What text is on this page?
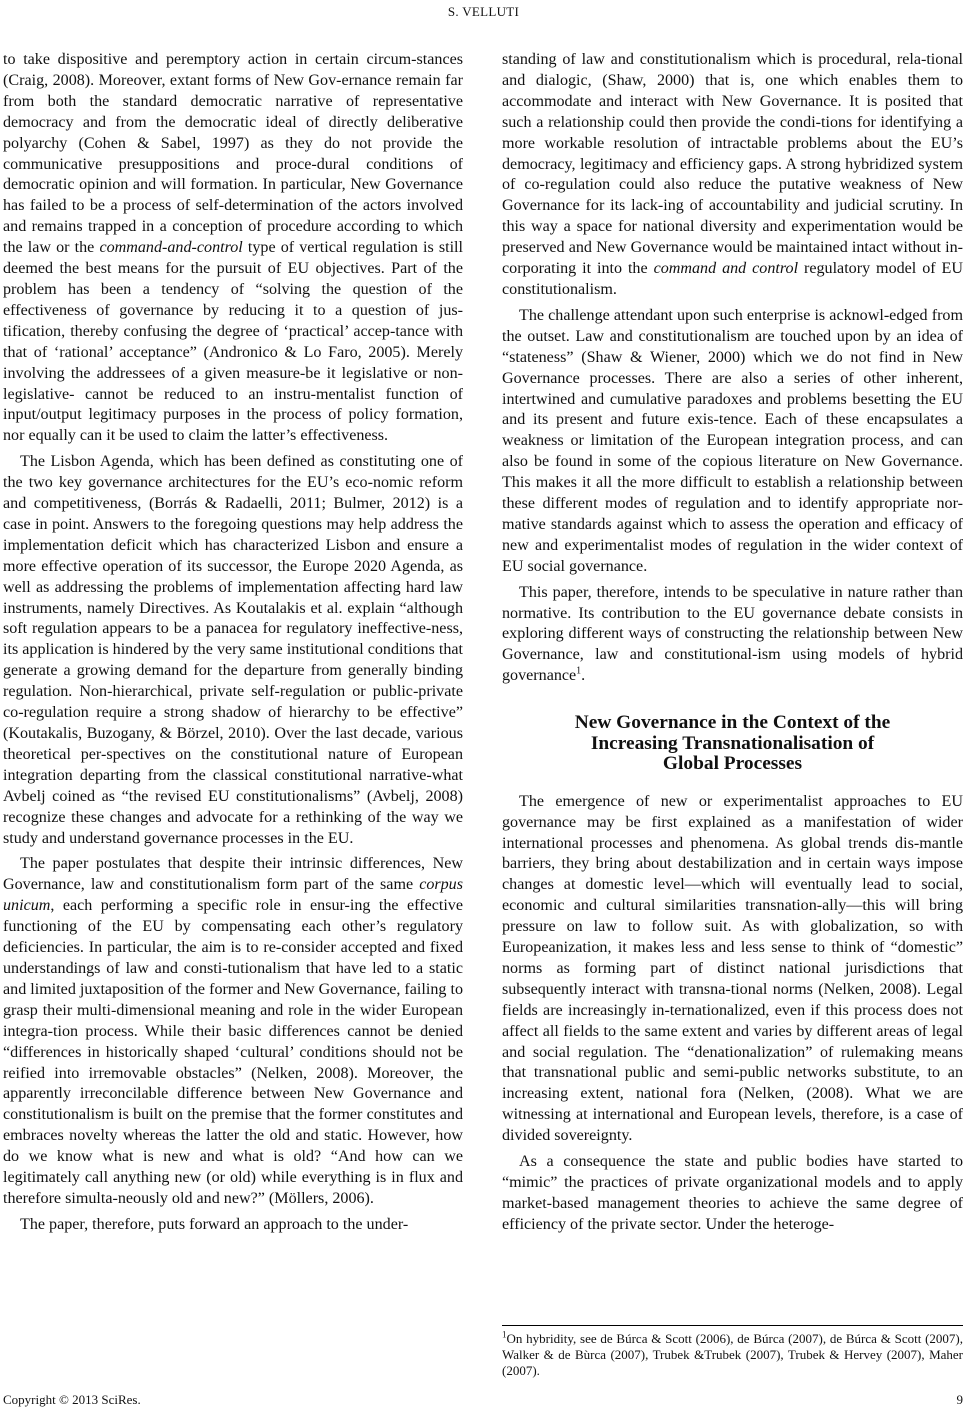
S. VELLUTI

to take dispositive and peremptory action in certain circum-stances (Craig, 2008). Moreover, extant forms of New Gov-ernance remain far from both the standard democratic narrative of representative democracy and from the democratic ideal of directly deliberative polyarchy (Cohen & Sabel, 1997) as they do not provide the communicative presuppositions and proce-dural conditions of democratic opinion and will formation. In particular, New Governance has failed to be a process of self-determination of the actors involved and remains trapped in a conception of procedure according to which the law or the command-and-control type of vertical regulation is still deemed the best means for the pursuit of EU objectives. Part of the problem has been a tendency of “solving the question of the effectiveness of governance by reducing it to a question of jus-tification, thereby confusing the degree of ‘practical’ accep-tance with that of ‘rational’ acceptance” (Andronico & Lo Faro, 2005). Merely involving the addressees of a given measure-be it legislative or non-legislative- cannot be reduced to an instru-mentalist function of input/output legitimacy purposes in the process of policy formation, nor equally can it be used to claim the latter’s effectiveness.

The Lisbon Agenda, which has been defined as constituting one of the two key governance architectures for the EU’s eco-nomic reform and competitiveness, (Borrás & Radaelli, 2011; Bulmer, 2012) is a case in point. Answers to the foregoing questions may help address the implementation deficit which has characterized Lisbon and ensure a more effective operation of its successor, the Europe 2020 Agenda, as well as addressing the problems of implementation affecting hard law instruments, namely Directives. As Koutalakis et al. explain “although soft regulation appears to be a panacea for regulatory ineffective-ness, its application is hindered by the very same institutional conditions that generate a growing demand for the departure from generally binding regulation. Non-hierarchical, private self-regulation or public-private co-regulation require a strong shadow of hierarchy to be effective” (Koutakalis, Buzogany, & Börzel, 2010). Over the last decade, various theoretical per-spectives on the constitutional nature of European integration departing from the classical constitutional narrative-what Avbelj coined as “the revised EU constitutionalisms” (Avbelj, 2008) recognize these changes and advocate for a rethinking of the way we study and understand governance processes in the EU.

The paper postulates that despite their intrinsic differences, New Governance, law and constitutionalism form part of the same corpus unicum, each performing a specific role in ensur-ing the effective functioning of the EU by compensating each other’s regulatory deficiencies. In particular, the aim is to re-consider accepted and fixed understandings of law and consti-tutionalism that have led to a static and limited juxtaposition of the former and New Governance, failing to grasp their multi-dimensional meaning and role in the wider European integra-tion process. While their basic differences cannot be denied “differences in historically shaped ‘cultural’ conditions should not be reified into irremovable obstacles” (Nelken, 2008). Moreover, the apparently irreconcilable difference between New Governance and constitutionalism is built on the premise that the former constitutes and embraces novelty whereas the latter the old and static. However, how do we know what is new and what is old? “And how can we legitimately call anything new (or old) while everything is in flux and therefore simulta-neously old and new?” (Möllers, 2006).

The paper, therefore, puts forward an approach to the under-

standing of law and constitutionalism which is procedural, rela-tional and dialogic, (Shaw, 2000) that is, one which enables them to accommodate and interact with New Governance. It is posited that such a relationship could then provide the condi-tions for identifying a more workable resolution of intractable problems about the EU’s democracy, legitimacy and efficiency gaps. A strong hybridized system of co-regulation could also reduce the putative weakness of New Governance for its lack-ing of accountability and judicial scrutiny. In this way a space for national diversity and experimentation would be preserved and New Governance would be maintained intact without in-corporating it into the command and control regulatory model of EU constitutionalism.

The challenge attendant upon such enterprise is acknowl-edged from the outset. Law and constitutionalism are touched upon by an idea of “stateness” (Shaw & Wiener, 2000) which we do not find in New Governance processes. There are also a series of other inherent, intertwined and cumulative paradoxes and problems besetting the EU and its present and future exis-tence. Each of these encapsulates a weakness or limitation of the European integration process, and can also be found in some of the copious literature on New Governance. This makes it all the more difficult to establish a relationship between these different modes of regulation and to identify appropriate nor-mative standards against which to assess the operation and efficacy of new and experimentalist modes of regulation in the wider context of EU social governance.

This paper, therefore, intends to be speculative in nature rather than normative. Its contribution to the EU governance debate consists in exploring different ways of constructing the relationship between New Governance, law and constitutional-ism using models of hybrid governance$^1$.

New Governance in the Context of the
Increasing Transnationalisation of
Global Processes

The emergence of new or experimentalist approaches to EU governance may be first explained as a manifestation of wider international processes and phenomena. As global trends dis-mantle barriers, they bring about destabilization and in certain ways impose changes at domestic level—which will eventually lead to social, economic and cultural similarities transnation-ally—this will bring pressure on law to follow suit. As with globalization, so with Europeanization, it makes less and less sense to think of “domestic” norms as forming part of distinct national jurisdictions that subsequently interact with transna-tional norms (Nelken, 2008). Legal fields are increasingly in-ternationalized, even if this process does not affect all fields to the same extent and varies by different areas of legal and social regulation. The “denationalization” of rulemaking means that transnational public and semi-public networks substitute, to an increasing extent, national fora (Nelken, (2008). What we are witnessing at international and European levels, therefore, is a case of divided sovereignty.

As a consequence the state and public bodies have started to “mimic” the practices of private organizational models and to apply market-based management theories to achieve the same degree of efficiency of the private sector. Under the heteroge-

$^1$On hybridity, see de Búrca & Scott (2006), de Búrca (2007), de Búrca & Scott (2007), Walker & de Bùrca (2007), Trubek &Trubek (2007), Trubek & Hervey (2007), Maher (2007).
Copyright © 2013 SciRes.	9
